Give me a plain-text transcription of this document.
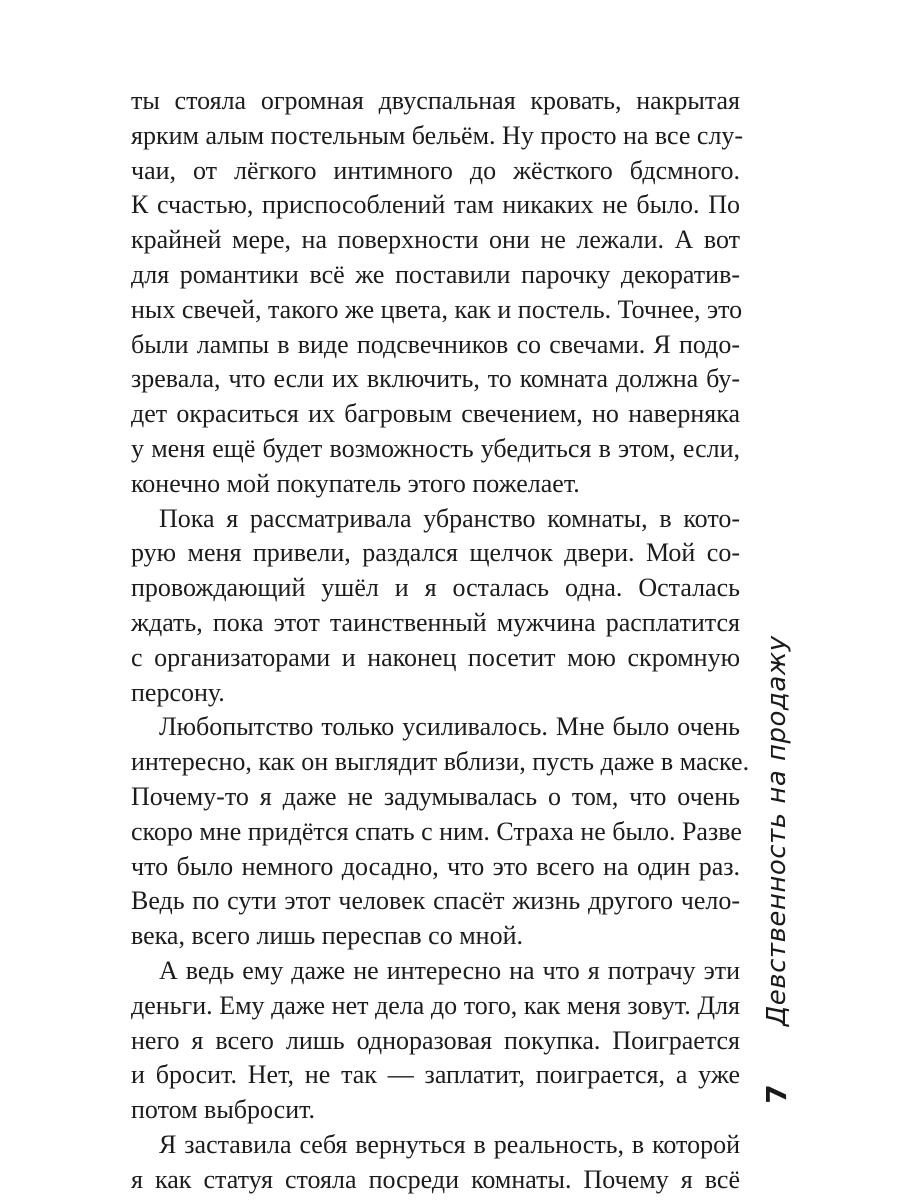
ты стояла огромная двуспальная кровать, накрытая
ярким алым постельным бельём. Ну просто на все слу-
чаи, от лёгкого интимного до жёсткого бдсмного.
К счастью, приспособлений там никаких не было. По
крайней мере, на поверхности они не лежали. А вот
для романтики всё же поставили парочку декоратив-
ных свечей, такого же цвета, как и постель. Точнее, это
были лампы в виде подсвечников со свечами. Я подо-
зревала, что если их включить, то комната должна бу-
дет окраситься их багровым свечением, но наверняка
у меня ещё будет возможность убедиться в этом, если,
конечно мой покупатель этого пожелает.
Пока я рассматривала убранство комнаты, в кото-
рую меня привели, раздался щелчок двери. Мой со-
провождающий ушёл и я осталась одна. Осталась
ждать, пока этот таинственный мужчина расплатится
с организаторами и наконец посетит мою скромную
персону.
Любопытство только усиливалось. Мне было очень
интересно, как он выглядит вблизи, пусть даже в маске.
Почему-то я даже не задумывалась о том, что очень
скоро мне придётся спать с ним. Страха не было. Разве
что было немного досадно, что это всего на один раз.
Ведь по сути этот человек спасёт жизнь другого чело-
века, всего лишь переспав со мной.
А ведь ему даже не интересно на что я потрачу эти
деньги. Ему даже нет дела до того, как меня зовут. Для
него я всего лишь одноразовая покупка. Поиграется
и бросит. Нет, не так — заплатит, поиграется, а уже
потом выбросит.
Я заставила себя вернуться в реальность, в которой
я как статуя стояла посреди комнаты. Почему я всё
Девственность на продажу
7
